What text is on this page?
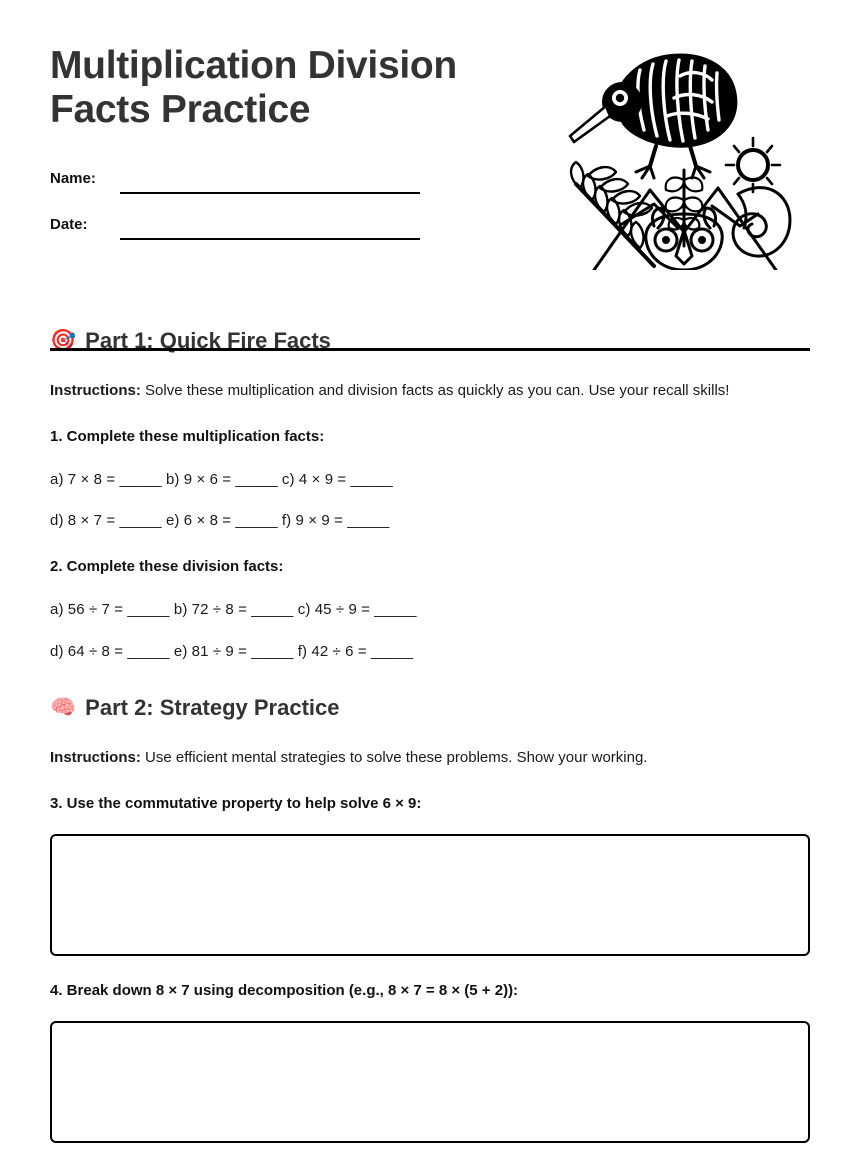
Multiplication Division
Facts Practice
Name:
Date:
🎯 Part 1: Quick Fire Facts

Instructions: Solve these multiplication and division facts as quickly as you can. Use your recall skills!

1. Complete these multiplication facts:

a) 7 × 8 = _____ b) 9 × 6 = _____ c) 4 × 9 = _____

d) 8 × 7 = _____ e) 6 × 8 = _____ f) 9 × 9 = _____

2. Complete these division facts:

a) 56 ÷ 7 = _____ b) 72 ÷ 8 = _____ c) 45 ÷ 9 = _____

d) 64 ÷ 8 = _____ e) 81 ÷ 9 = _____ f) 42 ÷ 6 = _____

🧠 Part 2: Strategy Practice

Instructions: Use efficient mental strategies to solve these problems. Show your working.

3. Use the commutative property to help solve 6 × 9:

4. Break down 8 × 7 using decomposition (e.g., 8 × 7 = 8 × (5 + 2)):
